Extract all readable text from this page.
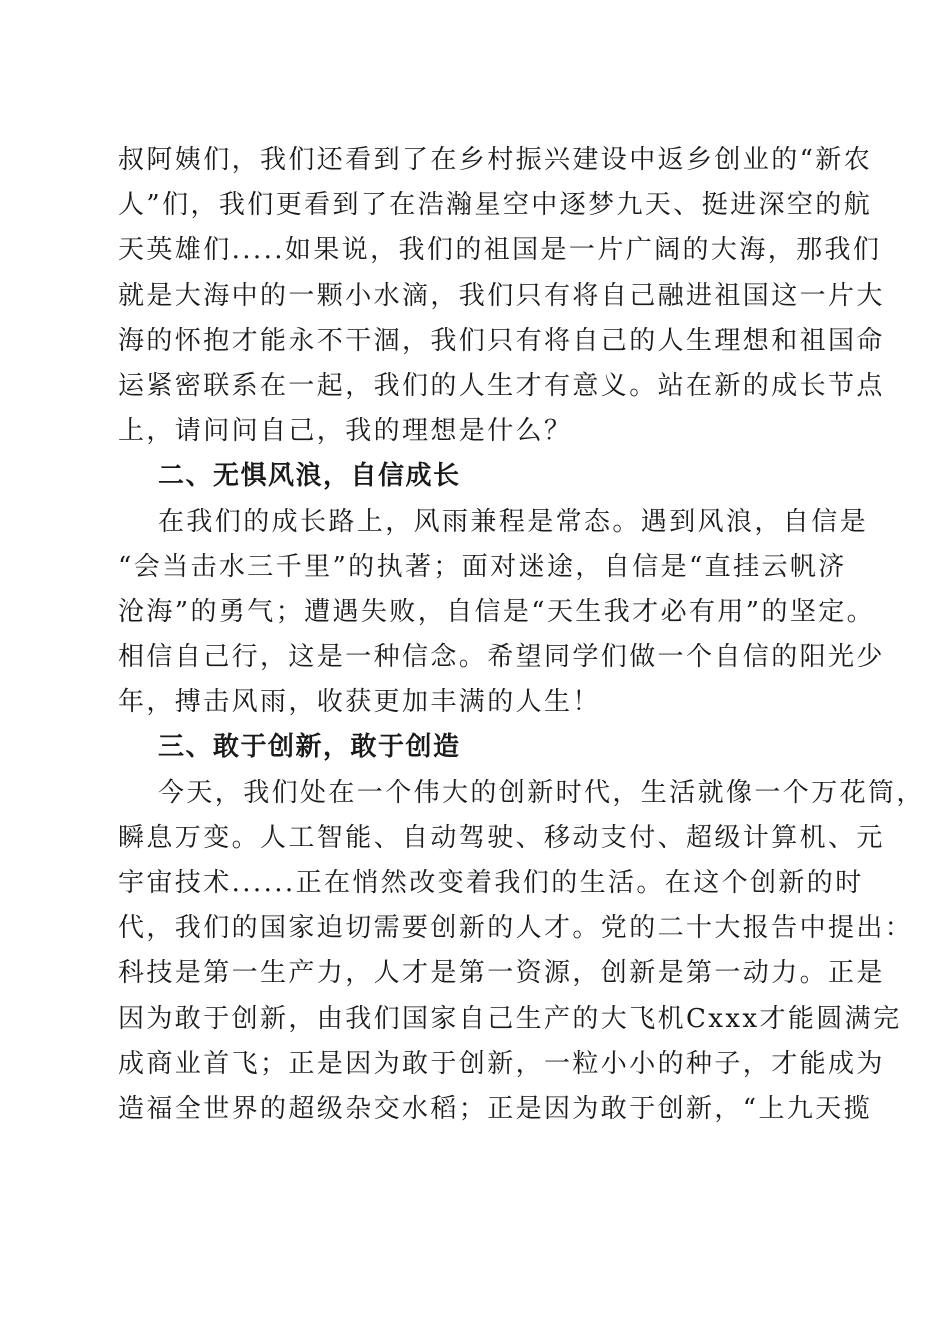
叔阿姨们，我们还看到了在乡村振兴建设中返乡创业的“新农
人”们，我们更看到了在浩瀚星空中逐梦九天、挺进深空的航
天英雄们.....如果说，我们的祖国是一片广阔的大海，那我们
就是大海中的一颗小水滴，我们只有将自己融进祖国这一片大
海的怀抱才能永不干涸，我们只有将自己的人生理想和祖国命
运紧密联系在一起，我们的人生才有意义。站在新的成长节点
上，请问问自己，我的理想是什么？
二、无惧风浪，自信成长
在我们的成长路上，风雨兼程是常态。遇到风浪，自信是
“会当击水三千里”的执著；面对迷途，自信是“直挂云帆济
沧海”的勇气；遭遇失败，自信是“天生我才必有用”的坚定。
相信自己行，这是一种信念。希望同学们做一个自信的阳光少
年，搏击风雨，收获更加丰满的人生！
三、敢于创新，敢于创造
今天，我们处在一个伟大的创新时代，生活就像一个万花筒，
瞬息万变。人工智能、自动驾驶、移动支付、超级计算机、元
宇宙技术......正在悄然改变着我们的生活。在这个创新的时
代，我们的国家迫切需要创新的人才。党的二十大报告中提出：
科技是第一生产力，人才是第一资源，创新是第一动力。正是
因为敢于创新，由我们国家自己生产的大飞机Cxxx才能圆满完
成商业首飞；正是因为敢于创新，一粒小小的种子，才能成为
造福全世界的超级杂交水稻；正是因为敢于创新，“上九天揽
